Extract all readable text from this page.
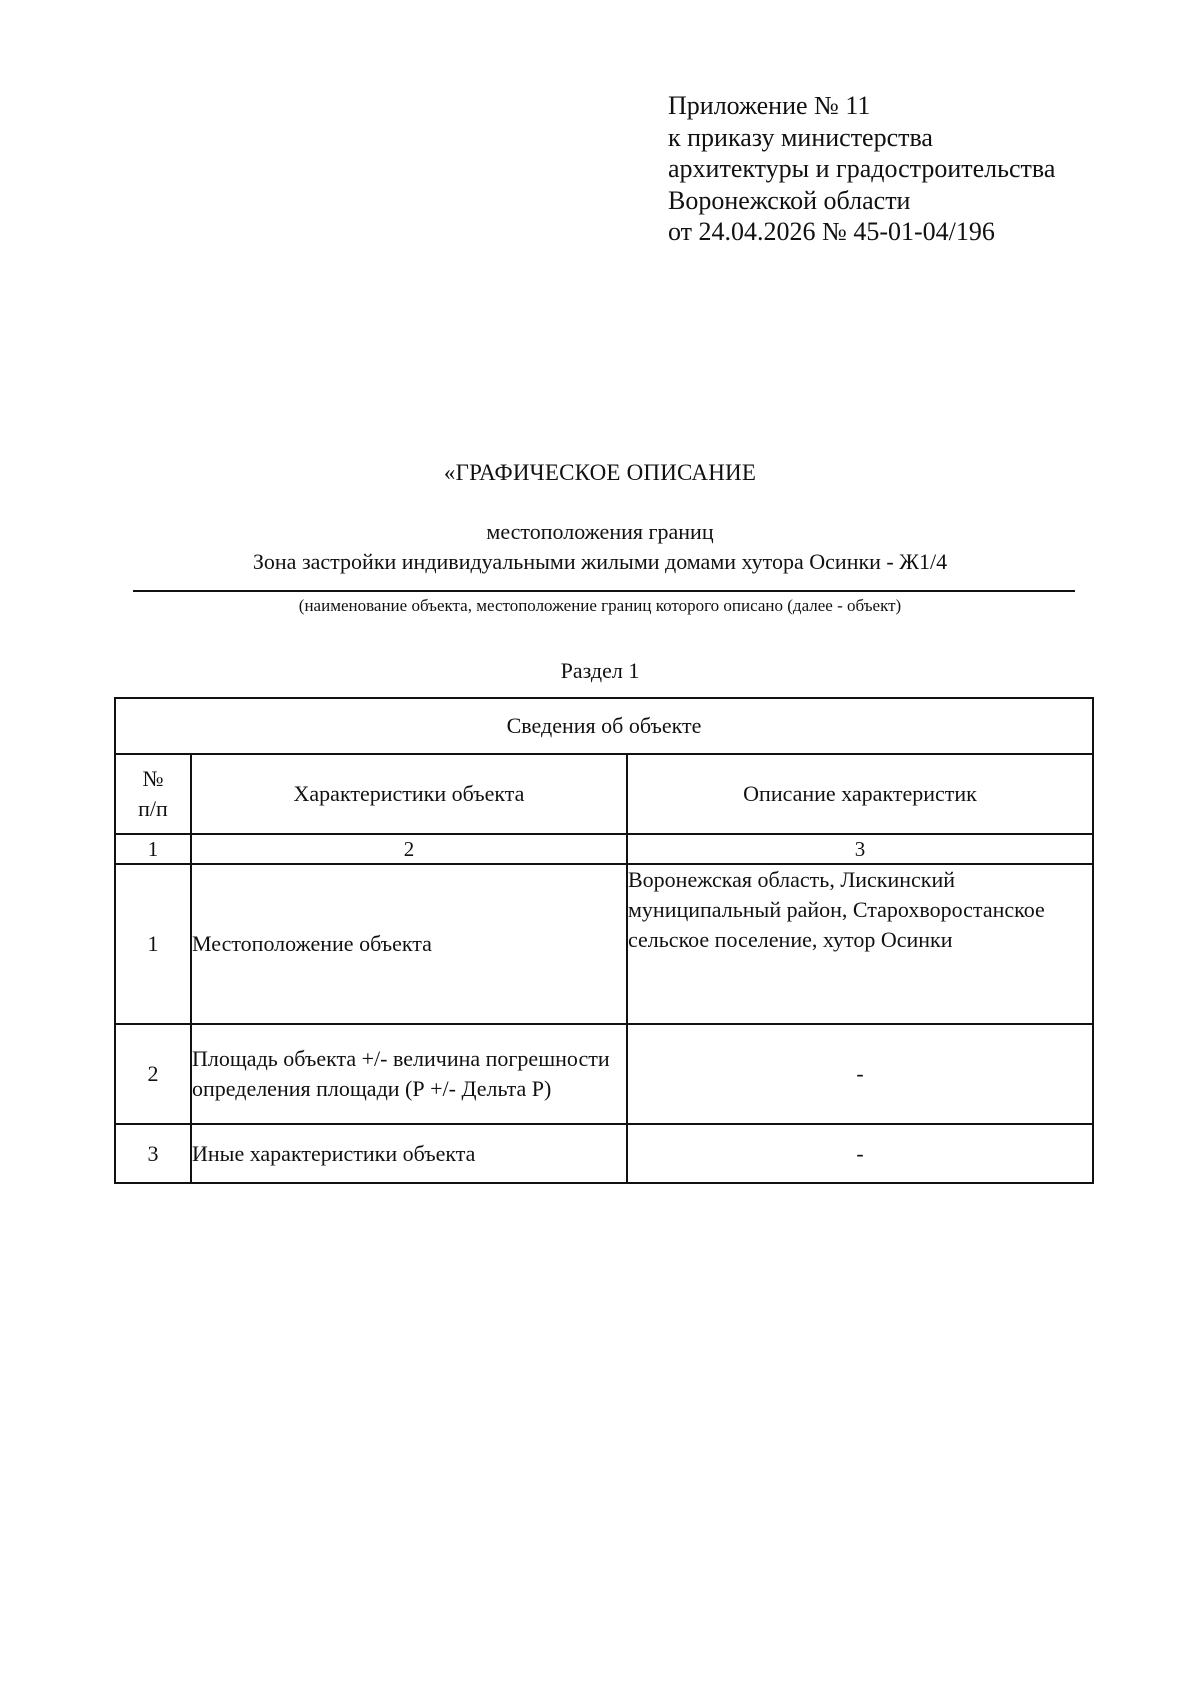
Приложение № 11
к приказу министерства
архитектуры и градостроительства
Воронежской области
от 24.04.2026 № 45-01-04/196
«ГРАФИЧЕСКОЕ ОПИСАНИЕ
местоположения границ
Зона застройки индивидуальными жилыми домами хутора Осинки - Ж1/4
(наименование объекта, местоположение границ которого описано (далее - объект)
Раздел 1
Сведения об объекте		

№
п/п	Характеристики объекта	Описание характеристик
1	2	3
1	Местоположение объекта	Воронежская область, Лискинский муниципальный район, Старохворостанское сельское поселение, хутор Осинки
2	Площадь объекта +/- величина погрешности определения площади (Р +/- Дельта Р)	-
3	Иные характеристики объекта	-
